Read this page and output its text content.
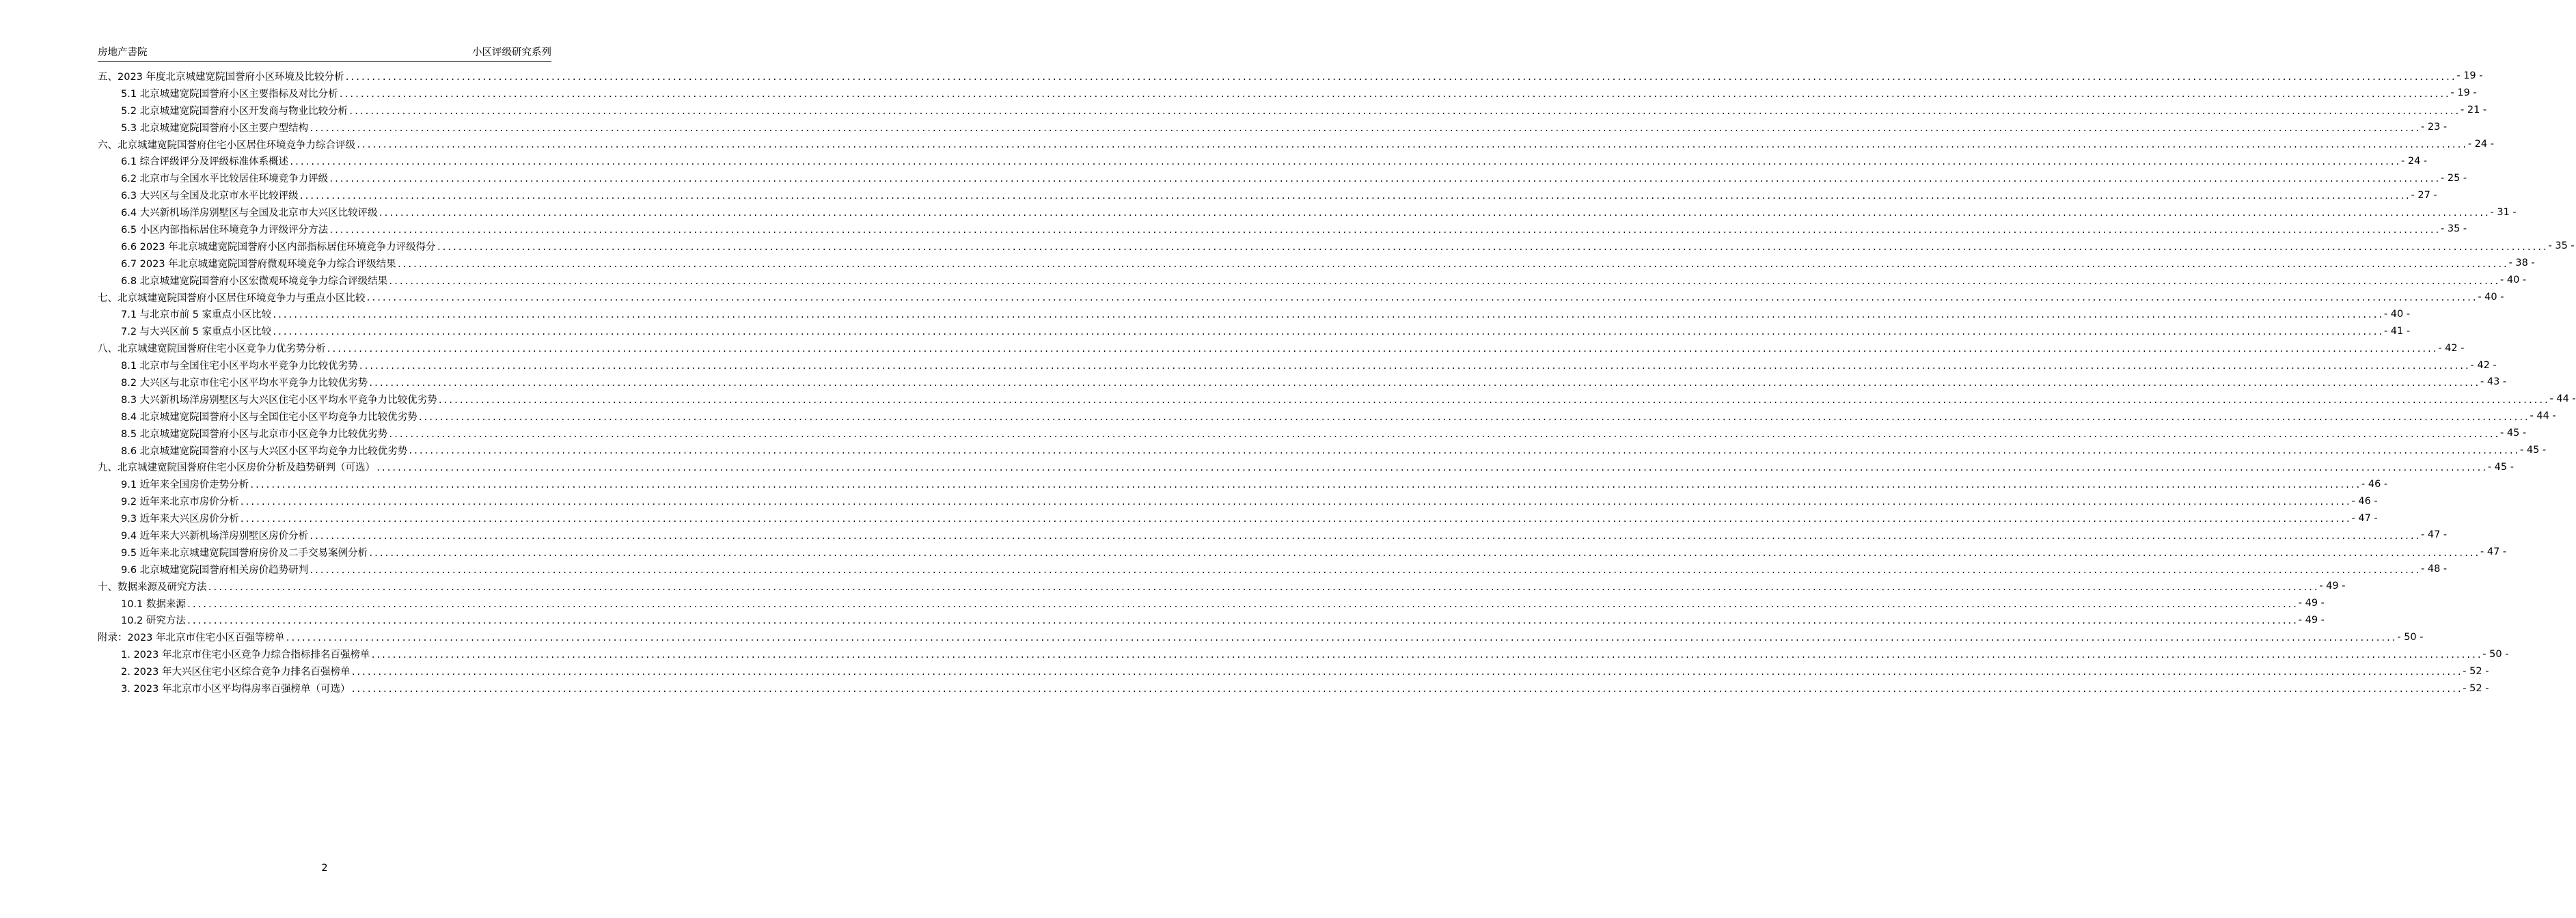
房地产書院	小区评级研究系列
五、2023 年度北京城建宽院国誉府小区环境及比较分析 ................................................................................................................................................................................................................................................................................................................................................................................................................ - 19 -
5.1 北京城建宽院国誉府小区主要指标及对比分析 ................................................................................................................................................................................................................................................................................................................................................................................................................ - 19 -
5.2 北京城建宽院国誉府小区开发商与物业比较分析 ................................................................................................................................................................................................................................................................................................................................................................................................................ - 21 -
5.3 北京城建宽院国誉府小区主要户型结构 ................................................................................................................................................................................................................................................................................................................................................................................................................ - 23 -
六、北京城建宽院国誉府住宅小区居住环境竞争力综合评级 ................................................................................................................................................................................................................................................................................................................................................................................................................ - 24 -
6.1 综合评级评分及评级标准体系概述 ................................................................................................................................................................................................................................................................................................................................................................................................................ - 24 -
6.2 北京市与全国水平比较居住环境竞争力评级 ................................................................................................................................................................................................................................................................................................................................................................................................................ - 25 -
6.3 大兴区与全国及北京市水平比较评级 ................................................................................................................................................................................................................................................................................................................................................................................................................ - 27 -
6.4 大兴新机场洋房别墅区与全国及北京市大兴区比较评级 ................................................................................................................................................................................................................................................................................................................................................................................................................ - 31 -
6.5 小区内部指标居住环境竞争力评级评分方法 ................................................................................................................................................................................................................................................................................................................................................................................................................ - 35 -
6.6 2023 年北京城建宽院国誉府小区内部指标居住环境竞争力评级得分 ................................................................................................................................................................................................................................................................................................................................................................................................................ - 35 -
6.7 2023 年北京城建宽院国誉府微观环境竞争力综合评级结果 ................................................................................................................................................................................................................................................................................................................................................................................................................ - 38 -
6.8 北京城建宽院国誉府小区宏微观环境竞争力综合评级结果 ................................................................................................................................................................................................................................................................................................................................................................................................................ - 40 -
七、北京城建宽院国誉府小区居住环境竞争力与重点小区比较 ................................................................................................................................................................................................................................................................................................................................................................................................................ - 40 -
7.1 与北京市前 5 家重点小区比较 ................................................................................................................................................................................................................................................................................................................................................................................................................ - 40 -
7.2 与大兴区前 5 家重点小区比较 ................................................................................................................................................................................................................................................................................................................................................................................................................ - 41 -
八、北京城建宽院国誉府住宅小区竞争力优劣势分析 ................................................................................................................................................................................................................................................................................................................................................................................................................ - 42 -
8.1 北京市与全国住宅小区平均水平竞争力比较优劣势 ................................................................................................................................................................................................................................................................................................................................................................................................................ - 42 -
8.2 大兴区与北京市住宅小区平均水平竞争力比较优劣势 ................................................................................................................................................................................................................................................................................................................................................................................................................ - 43 -
8.3 大兴新机场洋房别墅区与大兴区住宅小区平均水平竞争力比较优劣势 ................................................................................................................................................................................................................................................................................................................................................................................................................ - 44 -
8.4 北京城建宽院国誉府小区与全国住宅小区平均竞争力比较优劣势 ................................................................................................................................................................................................................................................................................................................................................................................................................ - 44 -
8.5 北京城建宽院国誉府小区与北京市小区竞争力比较优劣势 ................................................................................................................................................................................................................................................................................................................................................................................................................ - 45 -
8.6 北京城建宽院国誉府小区与大兴区小区平均竞争力比较优劣势 ................................................................................................................................................................................................................................................................................................................................................................................................................ - 45 -
九、北京城建宽院国誉府住宅小区房价分析及趋势研判（可选） ................................................................................................................................................................................................................................................................................................................................................................................................................ - 45 -
9.1 近年来全国房价走势分析 ................................................................................................................................................................................................................................................................................................................................................................................................................ - 46 -
9.2 近年来北京市房价分析 ................................................................................................................................................................................................................................................................................................................................................................................................................ - 46 -
9.3 近年来大兴区房价分析 ................................................................................................................................................................................................................................................................................................................................................................................................................ - 47 -
9.4 近年来大兴新机场洋房别墅区房价分析 ................................................................................................................................................................................................................................................................................................................................................................................................................ - 47 -
9.5 近年来北京城建宽院国誉府房价及二手交易案例分析 ................................................................................................................................................................................................................................................................................................................................................................................................................ - 47 -
9.6 北京城建宽院国誉府相关房价趋势研判 ................................................................................................................................................................................................................................................................................................................................................................................................................ - 48 -
十、数据来源及研究方法 ................................................................................................................................................................................................................................................................................................................................................................................................................ - 49 -
10.1 数据来源 ................................................................................................................................................................................................................................................................................................................................................................................................................ - 49 -
10.2 研究方法 ................................................................................................................................................................................................................................................................................................................................................................................................................ - 49 -
附录：2023 年北京市住宅小区百强等榜单 ................................................................................................................................................................................................................................................................................................................................................................................................................ - 50 -
1. 2023 年北京市住宅小区竞争力综合指标排名百强榜单 ................................................................................................................................................................................................................................................................................................................................................................................................................ - 50 -
2. 2023 年大兴区住宅小区综合竞争力排名百强榜单 ................................................................................................................................................................................................................................................................................................................................................................................................................ - 52 -
3. 2023 年北京市小区平均得房率百强榜单（可选） ................................................................................................................................................................................................................................................................................................................................................................................................................ - 52 -
2
